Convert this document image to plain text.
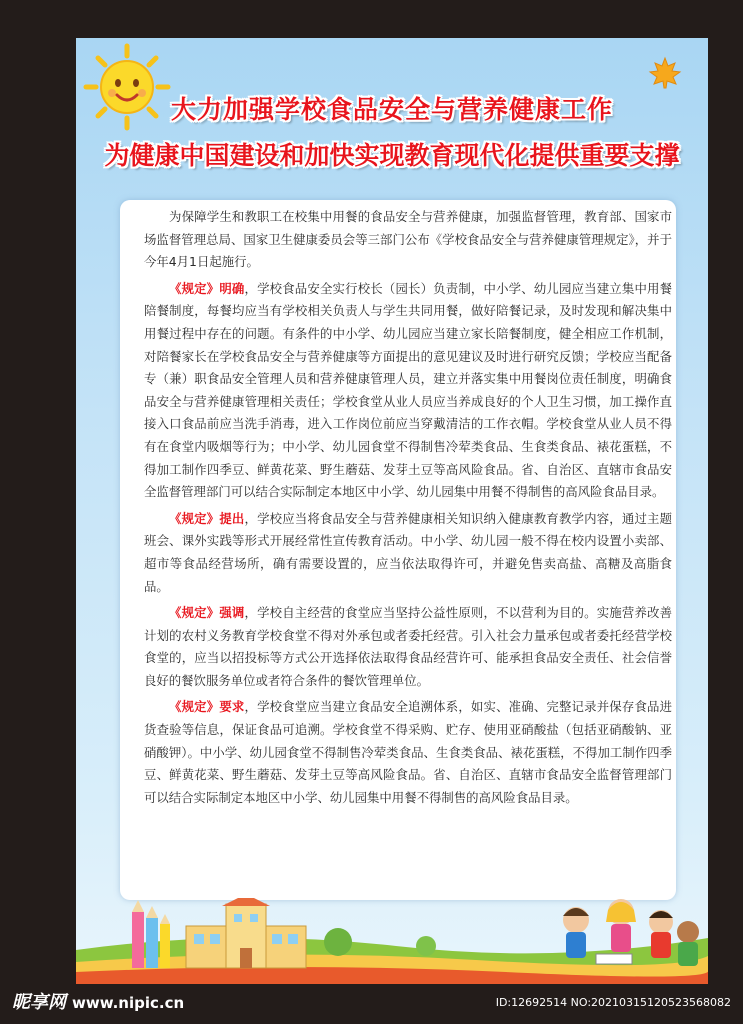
大力加强学校食品安全与营养健康工作
为健康中国建设和加快实现教育现代化提供重要支撑

为保障学生和教职工在校集中用餐的食品安全与营养健康，加强监督管理，教育部、国家市场监督管理总局、国家卫生健康委员会等三部门公布《学校食品安全与营养健康管理规定》，并于今年4月1日起施行。

《规定》明确，学校食品安全实行校长（园长）负责制，中小学、幼儿园应当建立集中用餐陪餐制度，每餐均应当有学校相关负责人与学生共同用餐，做好陪餐记录，及时发现和解决集中用餐过程中存在的问题。有条件的中小学、幼儿园应当建立家长陪餐制度，健全相应工作机制，对陪餐家长在学校食品安全与营养健康等方面提出的意见建议及时进行研究反馈；学校应当配备专（兼）职食品安全管理人员和营养健康管理人员，建立并落实集中用餐岗位责任制度，明确食品安全与营养健康管理相关责任；学校食堂从业人员应当养成良好的个人卫生习惯，加工操作直接入口食品前应当洗手消毒，进入工作岗位前应当穿戴清洁的工作衣帽。学校食堂从业人员不得有在食堂内吸烟等行为；中小学、幼儿园食堂不得制售冷荤类食品、生食类食品、裱花蛋糕，不得加工制作四季豆、鲜黄花菜、野生蘑菇、发芽土豆等高风险食品。省、自治区、直辖市食品安全监督管理部门可以结合实际制定本地区中小学、幼儿园集中用餐不得制售的高风险食品目录。

《规定》提出，学校应当将食品安全与营养健康相关知识纳入健康教育教学内容，通过主题班会、课外实践等形式开展经常性宣传教育活动。中小学、幼儿园一般不得在校内设置小卖部、超市等食品经营场所，确有需要设置的，应当依法取得许可，并避免售卖高盐、高糖及高脂食品。

《规定》强调，学校自主经营的食堂应当坚持公益性原则，不以营利为目的。实施营养改善计划的农村义务教育学校食堂不得对外承包或者委托经营。引入社会力量承包或者委托经营学校食堂的，应当以招投标等方式公开选择依法取得食品经营许可、能承担食品安全责任、社会信誉良好的餐饮服务单位或者符合条件的餐饮管理单位。

《规定》要求，学校食堂应当建立食品安全追溯体系，如实、准确、完整记录并保存食品进货查验等信息，保证食品可追溯。学校食堂不得采购、贮存、使用亚硝酸盐（包括亚硝酸钠、亚硝酸钾）。中小学、幼儿园食堂不得制售冷荤类食品、生食类食品、裱花蛋糕，不得加工制作四季豆、鲜黄花菜、野生蘑菇、发芽土豆等高风险食品。省、自治区、直辖市食品安全监督管理部门可以结合实际制定本地区中小学、幼儿园集中用餐不得制售的高风险食品目录。

昵享网 www.nipic.cn	ID:12692514 NO:20210315120523568082
